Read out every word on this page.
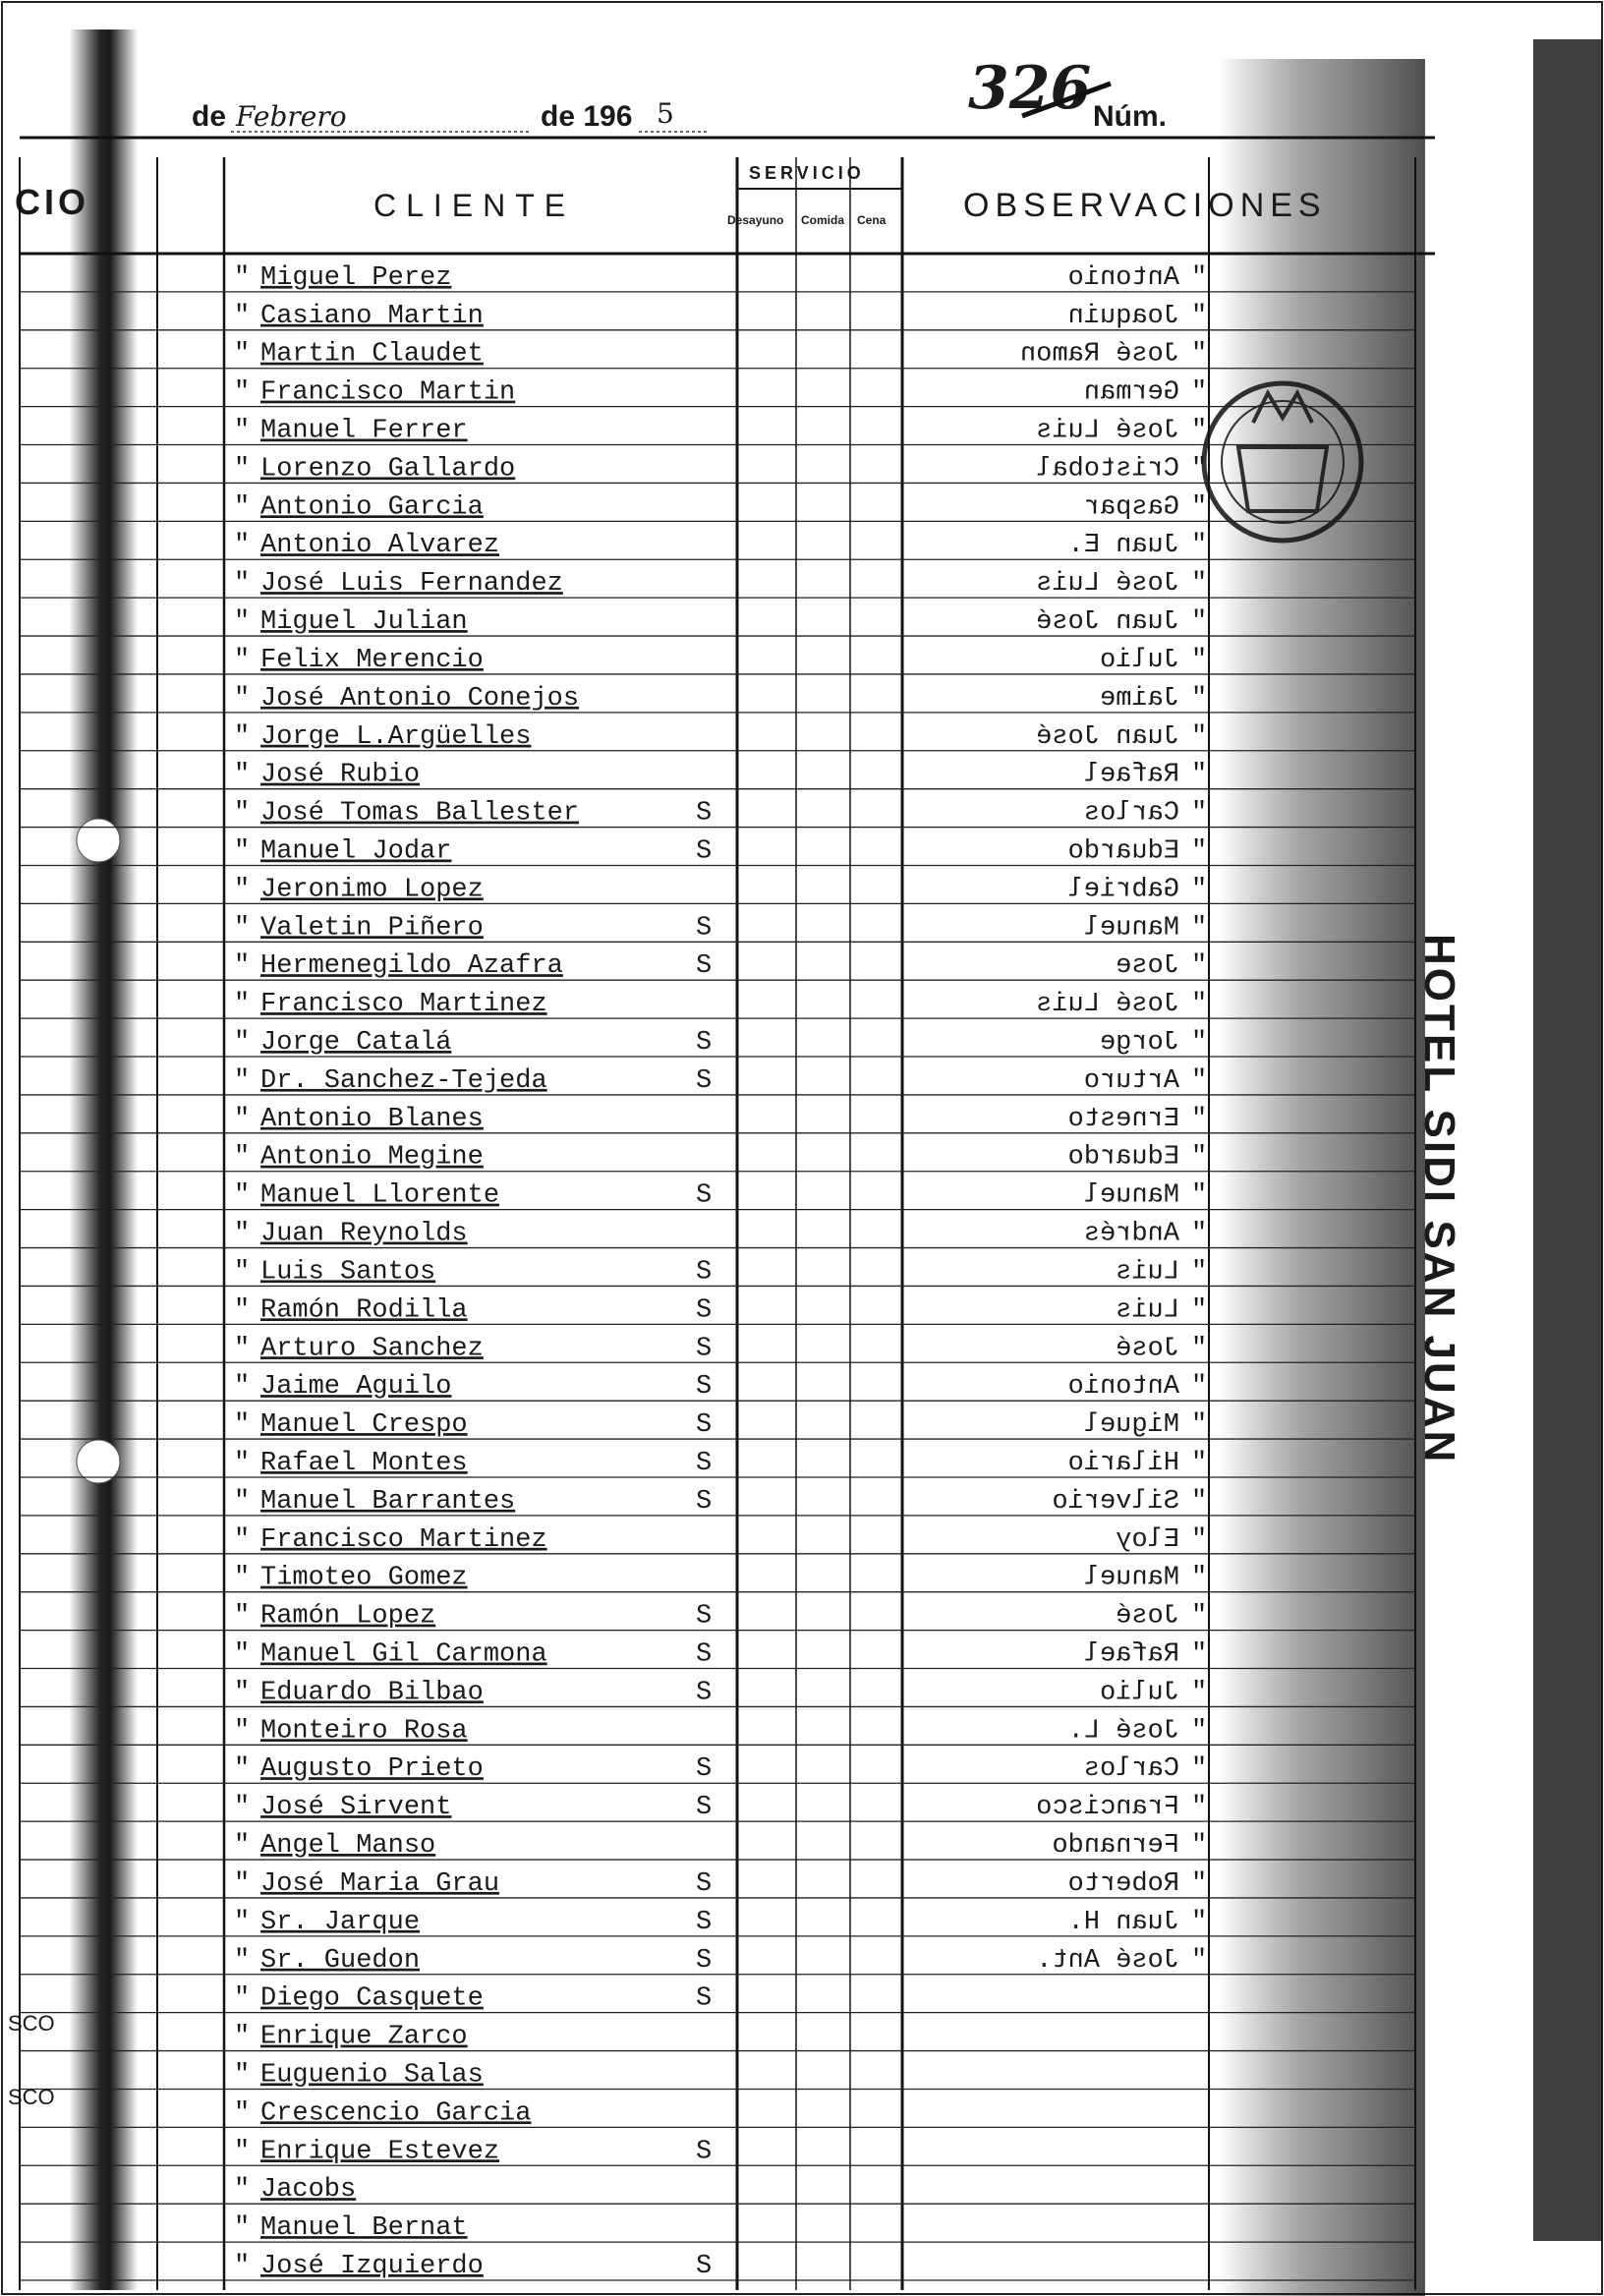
de Febrero	de 196 5	326 Núm.
CIO	CLIENTE
SERVICIO
Desayuno Comida Cena OBSERVACIONES
HOTEL SIDI SAN JUAN
SCO
SCO
" Miguel Perez	Antonio "
" Casiano Martin	Joaquin "
" Martin Claudet	José Ramon "
" Francisco Martin	German "
" Manuel Ferrer	José Luis "
" Lorenzo Gallardo	Cristobal "
" Antonio Garcia	Gaspar "
" Antonio Alvarez	Juan E. "
" José Luis Fernandez	José Luis "
" Miguel Julian	Juan José "
" Felix Merencio	Julio "
" José Antonio Conejos	Jaime "
" Jorge L.Argüelles	Juan José "
" José Rubio	Rafael "
" José Tomas Ballester	S	Carlos "
" Manuel Jodar	S	Eduardo "
" Jeronimo Lopez	Gabriel "
" Valetin Piñero	S	Manuel "
" Hermenegildo Azafra	S	Jose "
" Francisco Martinez	José Luis "
" Jorge Catalá	S	Jorge "
" Dr. Sanchez-Tejeda	S	Arturo "
" Antonio Blanes	Ernesto "
" Antonio Megine	Eduardo "
" Manuel Llorente	S	Manuel "
" Juan Reynolds	Andrés "
" Luis Santos	S	Luis "
" Ramón Rodilla	S	Luis "
" Arturo Sanchez	S	José "
" Jaime Aguilo	S	Antonio "
" Manuel Crespo	S	Miguel "
" Rafael Montes	S	Hilario "
" Manuel Barrantes	S	Silverio "
" Francisco Martinez	Eloy "
" Timoteo Gomez	Manuel "
" Ramón Lopez	S	José "
" Manuel Gil Carmona	S	Rafael "
" Eduardo Bilbao	S	Julio "
" Monteiro Rosa	José L. "
" Augusto Prieto	S	Carlos "
" José Sirvent	S	Francisco "
" Angel Manso	Fernando "
" José Maria Grau	S	Roberto "
" Sr. Jarque	S	Juan H. "
" Sr. Guedon	S	José Ant. "
" Diego Casquete	S
" Enrique Zarco
" Euguenio Salas
" Crescencio Garcia
" Enrique Estevez	S
" Jacobs
" Manuel Bernat
" José Izquierdo	S
